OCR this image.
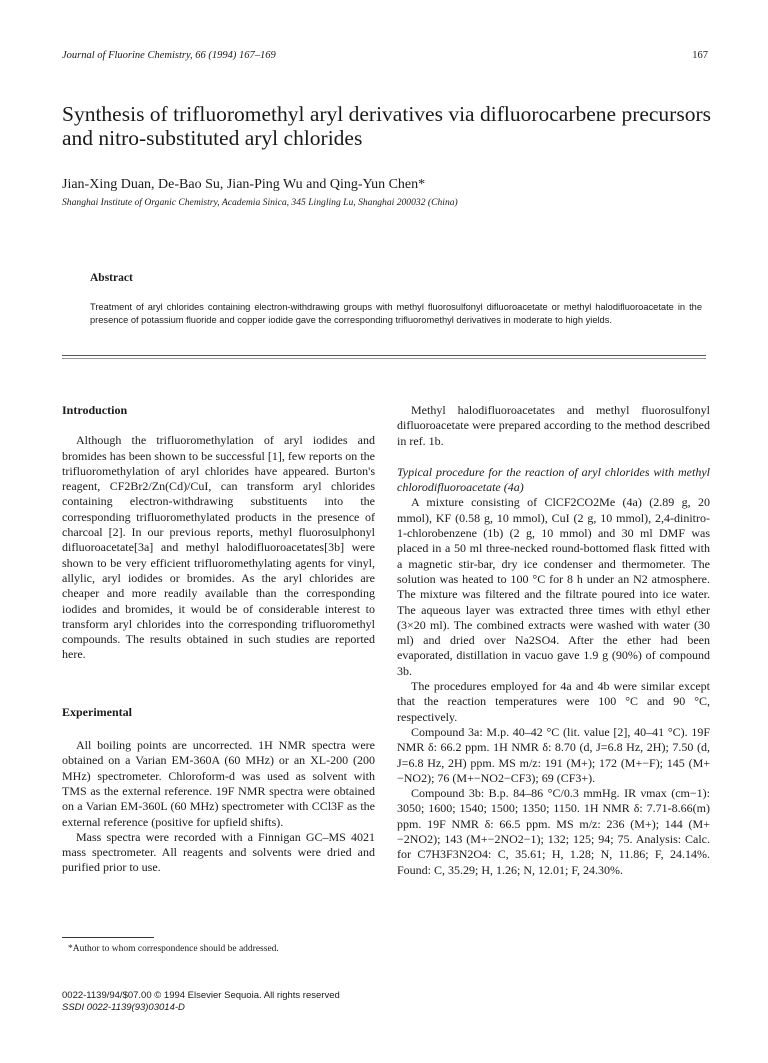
Journal of Fluorine Chemistry, 66 (1994) 167–169	167
Synthesis of trifluoromethyl aryl derivatives via difluorocarbene precursors and nitro-substituted aryl chlorides
Jian-Xing Duan, De-Bao Su, Jian-Ping Wu and Qing-Yun Chen*
Shanghai Institute of Organic Chemistry, Academia Sinica, 345 Lingling Lu, Shanghai 200032 (China)

Abstract

Treatment of aryl chlorides containing electron-withdrawing groups with methyl fluorosulfonyl difluoroacetate or methyl halodifluoroacetate in the presence of potassium fluoride and copper iodide gave the corresponding trifluoromethyl derivatives in moderate to high yields.

Introduction

Although the trifluoromethylation of aryl iodides and bromides has been shown to be successful [1], few reports on the trifluoromethylation of aryl chlorides have appeared. Burton's reagent, CF2Br2/Zn(Cd)/CuI, can transform aryl chlorides containing electron-withdrawing substituents into the corresponding trifluoromethylated products in the presence of charcoal [2]. In our previous reports, methyl fluorosulphonyl difluoroacetate[3a] and methyl halodifluoroacetates[3b] were shown to be very efficient trifluoromethylating agents for vinyl, allylic, aryl iodides or bromides. As the aryl chlorides are cheaper and more readily available than the corresponding iodides and bromides, it would be of considerable interest to transform aryl chlorides into the corresponding trifluoromethyl compounds. The results obtained in such studies are reported here.

Experimental

All boiling points are uncorrected. 1H NMR spectra were obtained on a Varian EM-360A (60 MHz) or an XL-200 (200 MHz) spectrometer. Chloroform-d was used as solvent with TMS as the external reference. 19F NMR spectra were obtained on a Varian EM-360L (60 MHz) spectrometer with CCl3F as the external reference (positive for upfield shifts).

Mass spectra were recorded with a Finnigan GC–MS 4021 mass spectrometer. All reagents and solvents were dried and purified prior to use.

Methyl halodifluoroacetates and methyl fluorosulfonyl difluoroacetate were prepared according to the method described in ref. 1b.

Typical procedure for the reaction of aryl chlorides with methyl chlorodifluoroacetate (4a)

A mixture consisting of ClCF2CO2Me (4a) (2.89 g, 20 mmol), KF (0.58 g, 10 mmol), CuI (2 g, 10 mmol), 2,4-dinitro-1-chlorobenzene (1b) (2 g, 10 mmol) and 30 ml DMF was placed in a 50 ml three-necked round-bottomed flask fitted with a magnetic stir-bar, dry ice condenser and thermometer. The solution was heated to 100 °C for 8 h under an N2 atmosphere. The mixture was filtered and the filtrate poured into ice water. The aqueous layer was extracted three times with ethyl ether (3×20 ml). The combined extracts were washed with water (30 ml) and dried over Na2SO4. After the ether had been evaporated, distillation in vacuo gave 1.9 g (90%) of compound 3b.

The procedures employed for 4a and 4b were similar except that the reaction temperatures were 100 °C and 90 °C, respectively.

Compound 3a: M.p. 40–42 °C (lit. value [2], 40–41 °C). 19F NMR δ: 66.2 ppm. 1H NMR δ: 8.70 (d, J=6.8 Hz, 2H); 7.50 (d, J=6.8 Hz, 2H) ppm. MS m/z: 191 (M+); 172 (M+−F); 145 (M+−NO2); 76 (M+−NO2−CF3); 69 (CF3+).

Compound 3b: B.p. 84–86 °C/0.3 mmHg. IR νmax (cm−1): 3050; 1600; 1540; 1500; 1350; 1150. 1H NMR δ: 7.71-8.66(m) ppm. 19F NMR δ: 66.5 ppm. MS m/z: 236 (M+); 144 (M+−2NO2); 143 (M+−2NO2−1); 132; 125; 94; 75. Analysis: Calc. for C7H3F3N2O4: C, 35.61; H, 1.28; N, 11.86; F, 24.14%. Found: C, 35.29; H, 1.26; N, 12.01; F, 24.30%.

*Author to whom correspondence should be addressed.
0022-1139/94/$07.00 © 1994 Elsevier Sequoia. All rights reserved
SSDI 0022-1139(93)03014-D
